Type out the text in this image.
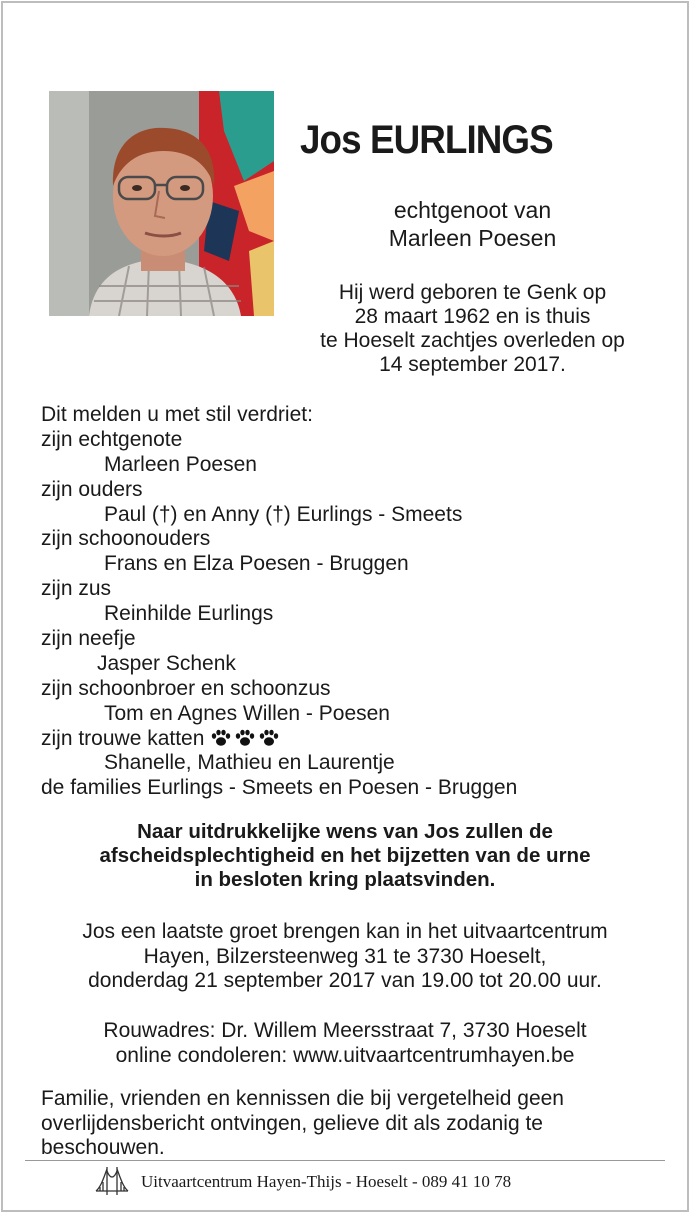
Jos EURLINGS
echtgenoot van
Marleen Poesen
Hij werd geboren te Genk op
28 maart 1962 en is thuis
te Hoeselt zachtjes overleden op
14 september 2017.
Dit melden u met stil verdriet:
zijn echtgenote
Marleen Poesen
zijn ouders
Paul (†) en Anny (†) Eurlings - Smeets
zijn schoonouders
Frans en Elza Poesen - Bruggen
zijn zus
Reinhilde Eurlings
zijn neefje
Jasper Schenk
zijn schoonbroer en schoonzus
Tom en Agnes Willen - Poesen
zijn trouwe katten
Shanelle, Mathieu en Laurentje
de families Eurlings - Smeets en Poesen - Bruggen
Naar uitdrukkelijke wens van Jos zullen de
afscheidsplechtigheid en het bijzetten van de urne
in besloten kring plaatsvinden.
Jos een laatste groet brengen kan in het uitvaartcentrum
Hayen, Bilzersteenweg 31 te 3730 Hoeselt,
donderdag 21 september 2017 van 19.00 tot 20.00 uur.
Rouwadres: Dr. Willem Meersstraat 7, 3730 Hoeselt
online condoleren: www.uitvaartcentrumhayen.be
Familie, vrienden en kennissen die bij vergetelheid geen
overlijdensbericht ontvingen, gelieve dit als zodanig te
beschouwen.
Uitvaartcentrum Hayen-Thijs - Hoeselt - 089 41 10 78
